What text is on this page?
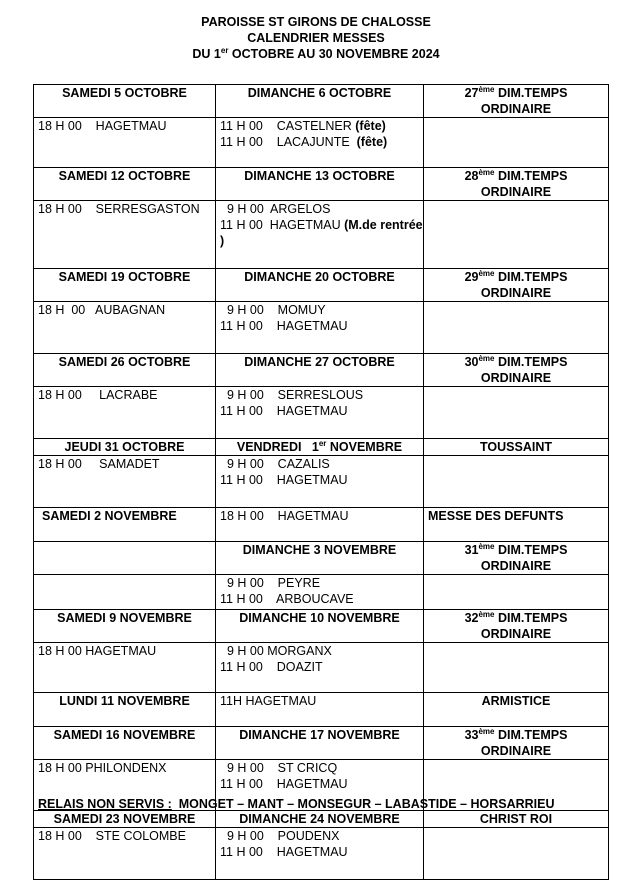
PAROISSE ST GIRONS DE CHALOSSE
CALENDRIER MESSES
DU 1er OCTOBRE AU 30 NOVEMBRE 2024
SAMEDI 5 OCTOBRE	DIMANCHE 6 OCTOBRE	27ème DIM.TEMPS ORDINAIRE

18 H 00    HAGETMAU	11 H 00    CASTELNER (fête)
11 H 00    LACAJUNTE  (fête)	

SAMEDI 12 OCTOBRE	DIMANCHE 13 OCTOBRE	28ème DIM.TEMPS ORDINAIRE

18 H 00    SERRESGASTON	9 H 00  ARGELOS
11 H 00  HAGETMAU (M.de rentrée
)	

SAMEDI 19 OCTOBRE	DIMANCHE 20 OCTOBRE	29ème DIM.TEMPS ORDINAIRE

18 H  00   AUBAGNAN	9 H 00    MOMUY
11 H 00    HAGETMAU	

SAMEDI 26 OCTOBRE	DIMANCHE 27 OCTOBRE	30ème DIM.TEMPS ORDINAIRE

18 H 00     LACRABE	9 H 00    SERRESLOUS
11 H 00    HAGETMAU	

JEUDI 31 OCTOBRE	VENDREDI   1er NOVEMBRE	TOUSSAINT

18 H 00     SAMADET	9 H 00    CAZALIS
11 H 00    HAGETMAU	

SAMEDI 2 NOVEMBRE	18 H 00    HAGETMAU	MESSE DES DEFUNTS
	DIMANCHE 3 NOVEMBRE	31ème DIM.TEMPS ORDINAIRE

	9 H 00    PEYRE
11 H 00    ARBOUCAVE	

SAMEDI 9 NOVEMBRE	DIMANCHE 10 NOVEMBRE	32ème DIM.TEMPS ORDINAIRE

18 H 00 HAGETMAU	9 H 00 MORGANX
11 H 00    DOAZIT	

LUNDI 11 NOVEMBRE	11H HAGETMAU	ARMISTICE
SAMEDI 16 NOVEMBRE	DIMANCHE 17 NOVEMBRE	33ème DIM.TEMPS ORDINAIRE

18 H 00 PHILONDENX	9 H 00    ST CRICQ
11 H 00    HAGETMAU	

SAMEDI 23 NOVEMBRE	DIMANCHE 24 NOVEMBRE	CHRIST ROI

18 H 00    STE COLOMBE	9 H 00    POUDENX
11 H 00    HAGETMAU	

RELAIS NON SERVIS :  MONGET – MANT – MONSEGUR – LABASTIDE – HORSARRIEU
